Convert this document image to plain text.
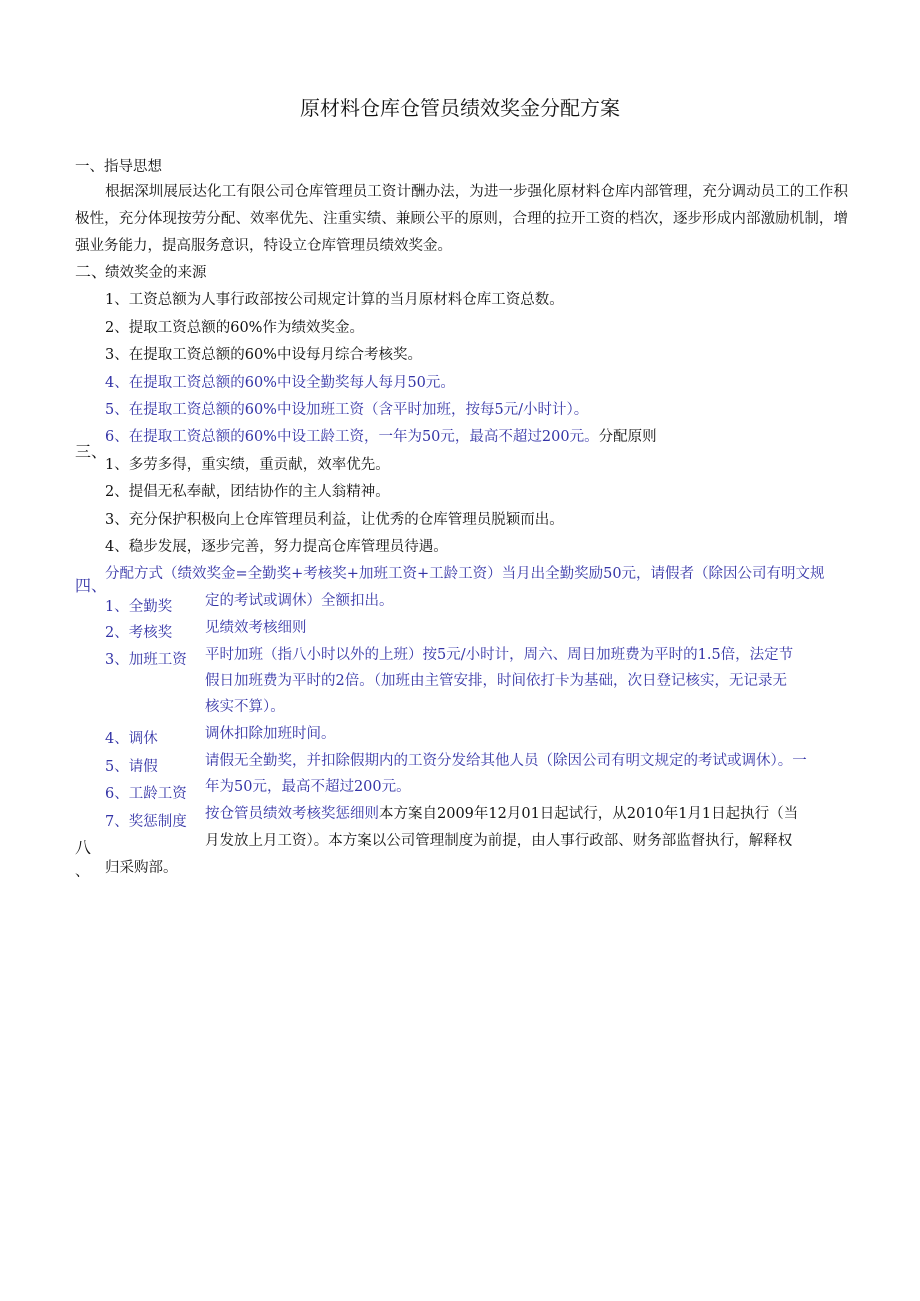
原材料仓库仓管员绩效奖金分配方案
一、指导思想
根据深圳展辰达化工有限公司仓库管理员工资计酬办法，为进一步强化原材料仓库内部管理，充分调动员工的工作积极性，充分体现按劳分配、效率优先、注重实绩、兼顾公平的原则，合理的拉开工资的档次，逐步形成内部激励机制，增强业务能力，提高服务意识，特设立仓库管理员绩效奖金。
二、
绩效奖金的来源
1、工资总额为人事行政部按公司规定计算的当月原材料仓库工资总数。
2、提取工资总额的60%作为绩效奖金。
3、在提取工资总额的60%中设每月综合考核奖。
4、在提取工资总额的60%中设全勤奖每人每月50元。
5、在提取工资总额的60%中设加班工资（含平时加班，按每5元/小时计）。
6、在提取工资总额的60%中设工龄工资，一年为50元，最高不超过200元。分配原则
三、
1、多劳多得，重实绩，重贡献，效率优先。
2、提倡无私奉献，团结协作的主人翁精神。
3、充分保护积极向上仓库管理员利益，让优秀的仓库管理员脱颖而出。
4、稳步发展，逐步完善，努力提高仓库管理员待遇。
四、
分配方式（绩效奖金=全勤奖+考核奖+加班工资+工龄工资）当月出全勤奖励50元，请假者（除因公司有明文规
定的考试或调休）全额扣出。
1、全勤奖
2、考核奖 见绩效考核细则
3、加班工资 平时加班（指八小时以外的上班）按5元/小时计，周六、周日加班费为平时的1.5倍，法定节
假日加班费为平时的2倍。（加班由主管安排，时间依打卡为基础，次日登记核实，无记录无
核实不算）。
4、调休	调休扣除加班时间。
5、请假	请假无全勤奖，并扣除假期内的工资分发给其他人员（除因公司有明文规定的考试或调休）。一
年为50元，最高不超过200元。
6、工龄工资
7、奖惩制度 按仓管员绩效考核奖惩细则本方案自2009年12月01日起试行，从2010年1月1日起执行（当
月发放上月工资）。本方案以公司管理制度为前提，由人事行政部、财务部监督执行，解释权
八
、 归采购部。
